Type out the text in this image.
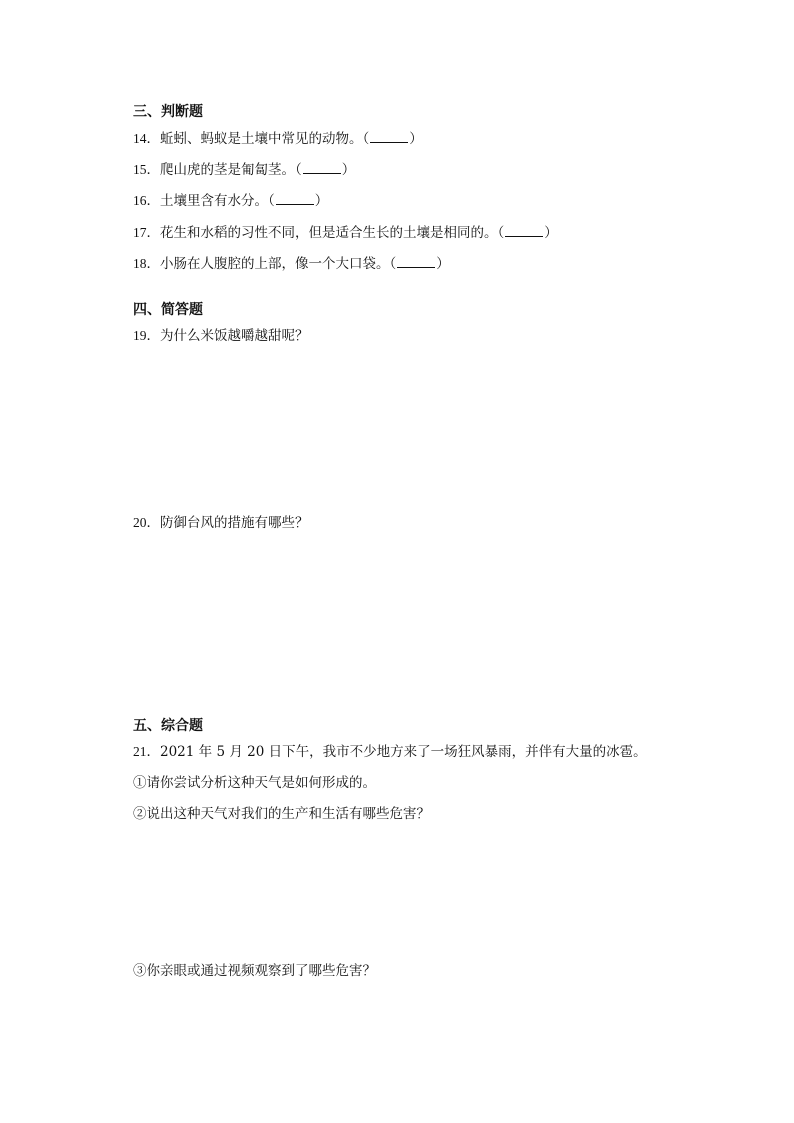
三、判断题
14．蚯蚓、蚂蚁是土壤中常见的动物。（	）
15．爬山虎的茎是匍匐茎。（	）
16．土壤里含有水分。（	）
17．花生和水稻的习性不同，但是适合生长的土壤是相同的。（	）
18．小肠在人腹腔的上部，像一个大口袋。（	）
四、简答题
19．为什么米饭越嚼越甜呢？
20．防御台风的措施有哪些？
五、综合题
21．2021 年 5 月 20 日下午，我市不少地方来了一场狂风暴雨，并伴有大量的冰雹。
①请你尝试分析这种天气是如何形成的。
②说出这种天气对我们的生产和生活有哪些危害？
③你亲眼或通过视频观察到了哪些危害？
